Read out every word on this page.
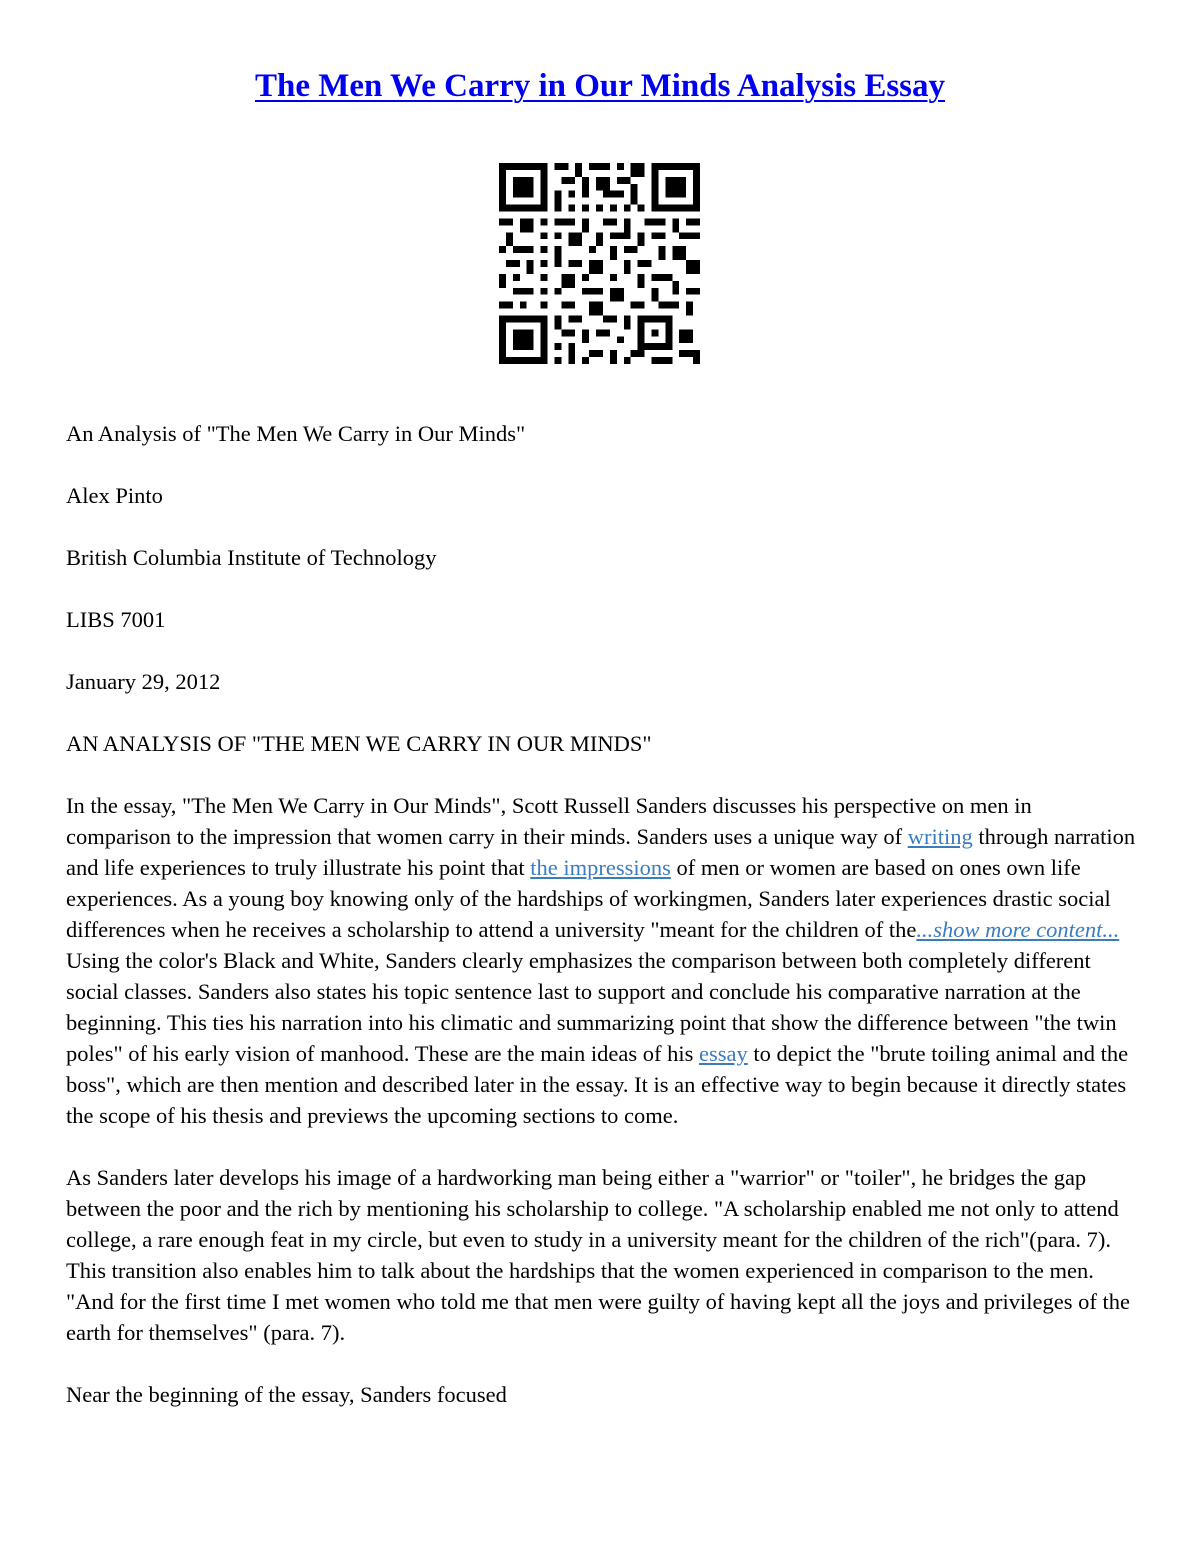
The Men We Carry in Our Minds Analysis Essay

An Analysis of "The Men We Carry in Our Minds"

Alex Pinto

British Columbia Institute of Technology

LIBS 7001

January 29, 2012

AN ANALYSIS OF "THE MEN WE CARRY IN OUR MINDS"

In the essay, "The Men We Carry in Our Minds", Scott Russell Sanders discusses his perspective on men in comparison to the impression that women carry in their minds. Sanders uses a unique way of writing through narration and life experiences to truly illustrate his point that the impressions of men or women are based on ones own life experiences. As a young boy knowing only of the hardships of workingmen, Sanders later experiences drastic social differences when he receives a scholarship to attend a university "meant for the children of the...show more content...

Using the color's Black and White, Sanders clearly emphasizes the comparison between both completely different social classes. Sanders also states his topic sentence last to support and conclude his comparative narration at the beginning. This ties his narration into his climatic and summarizing point that show the difference between "the twin poles" of his early vision of manhood. These are the main ideas of his essay to depict the "brute toiling animal and the boss", which are then mention and described later in the essay. It is an effective way to begin because it directly states the scope of his thesis and previews the upcoming sections to come.

As Sanders later develops his image of a hardworking man being either a "warrior" or "toiler", he bridges the gap between the poor and the rich by mentioning his scholarship to college. "A scholarship enabled me not only to attend college, a rare enough feat in my circle, but even to study in a university meant for the children of the rich"(para. 7). This transition also enables him to talk about the hardships that the women experienced in comparison to the men. "And for the first time I met women who told me that men were guilty of having kept all the joys and privileges of the earth for themselves" (para. 7).

Near the beginning of the essay, Sanders focused
